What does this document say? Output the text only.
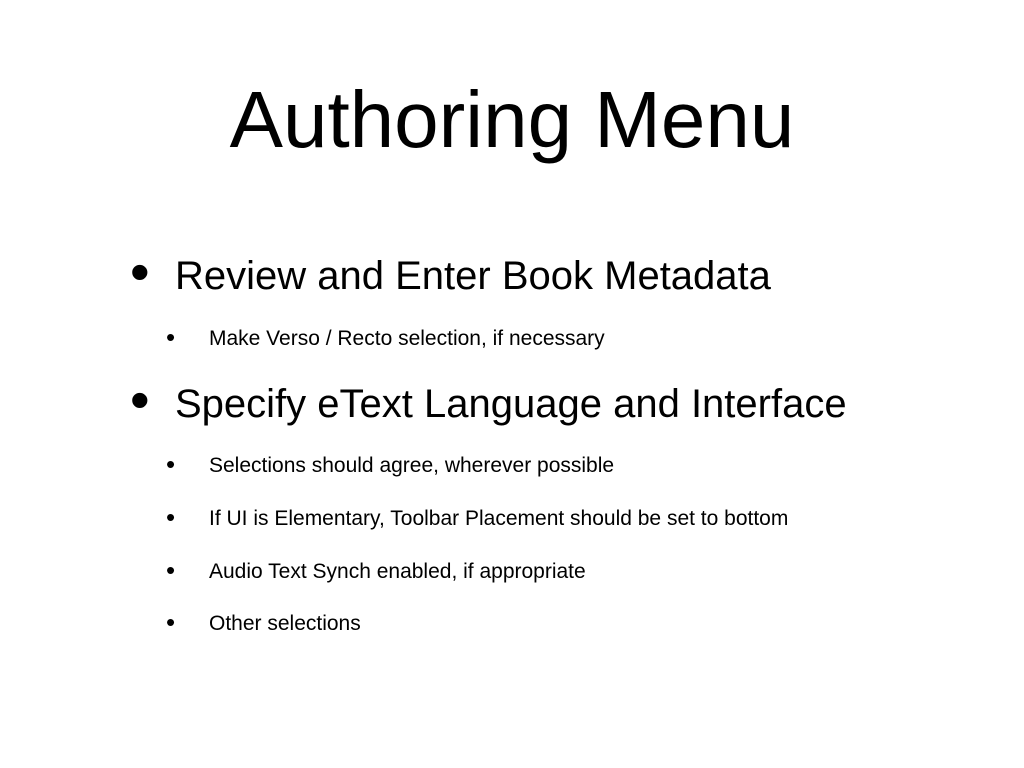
Authoring Menu
• Review and Enter Book Metadata
• Make Verso / Recto selection, if necessary
• Specify eText Language and Interface
• Selections should agree, wherever possible
• If UI is Elementary, Toolbar Placement should be set to bottom
• Audio Text Synch enabled, if appropriate
• Other selections
